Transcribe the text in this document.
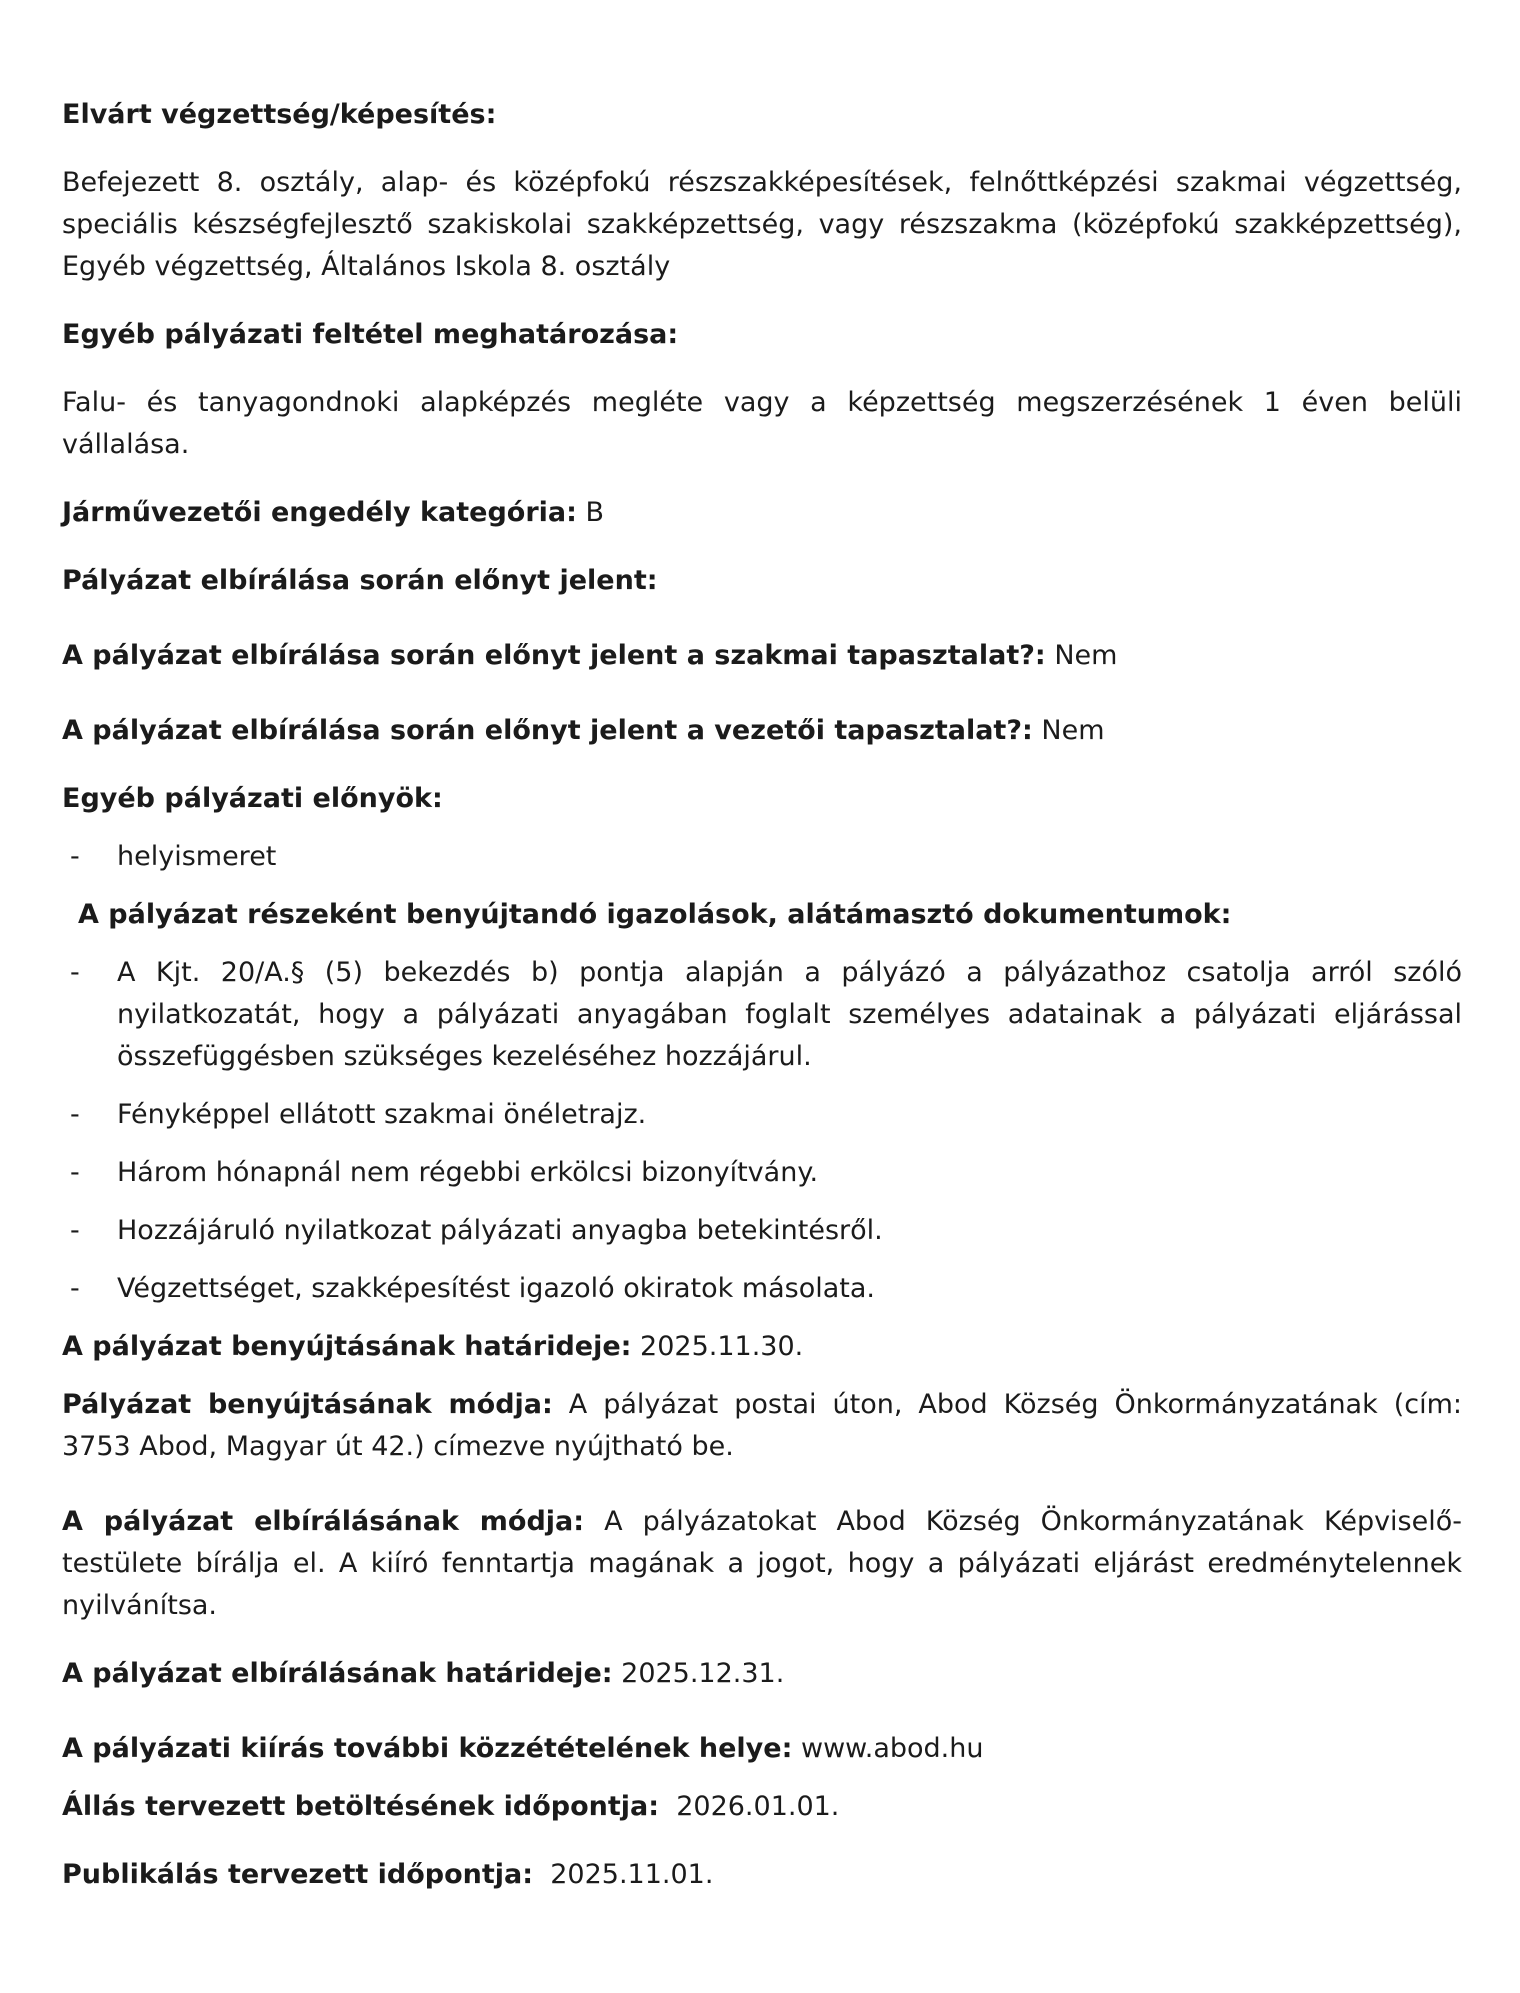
Elvárt végzettség/képesítés:

Befejezett 8. osztály, alap- és középfokú részszakképesítések, felnőttképzési szakmai végzettség, speciális készségfejlesztő szakiskolai szakképzettség, vagy részszakma (középfokú szakképzettség), Egyéb végzettség, Általános Iskola 8. osztály

Egyéb pályázati feltétel meghatározása:

Falu- és tanyagondnoki alapképzés megléte vagy a képzettség megszerzésének 1 éven belüli vállalása.

Járművezetői engedély kategória: B

Pályázat elbírálása során előnyt jelent:

A pályázat elbírálása során előnyt jelent a szakmai tapasztalat?: Nem

A pályázat elbírálása során előnyt jelent a vezetői tapasztalat?: Nem

Egyéb pályázati előnyök:

- helyismeret

A pályázat részeként benyújtandó igazolások, alátámasztó dokumentumok:

- A Kjt. 20/A.§ (5) bekezdés b) pontja alapján a pályázó a pályázathoz csatolja arról szóló nyilatkozatát, hogy a pályázati anyagában foglalt személyes adatainak a pályázati eljárással összefüggésben szükséges kezeléséhez hozzájárul.
- Fényképpel ellátott szakmai önéletrajz.
- Három hónapnál nem régebbi erkölcsi bizonyítvány.
- Hozzájáruló nyilatkozat pályázati anyagba betekintésről.
- Végzettséget, szakképesítést igazoló okiratok másolata.

A pályázat benyújtásának határideje: 2025.11.30.

Pályázat benyújtásának módja: A pályázat postai úton, Abod Község Önkormányzatának (cím: 3753 Abod, Magyar út 42.) címezve nyújtható be.

A pályázat elbírálásának módja: A pályázatokat Abod Község Önkormányzatának Képviselő-testülete bírálja el. A kiíró fenntartja magának a jogot, hogy a pályázati eljárást eredménytelennek nyilvánítsa.

A pályázat elbírálásának határideje: 2025.12.31.

A pályázati kiírás további közzétételének helye: www.abod.hu

Állás tervezett betöltésének időpontja: 2026.01.01.

Publikálás tervezett időpontja: 2025.11.01.
